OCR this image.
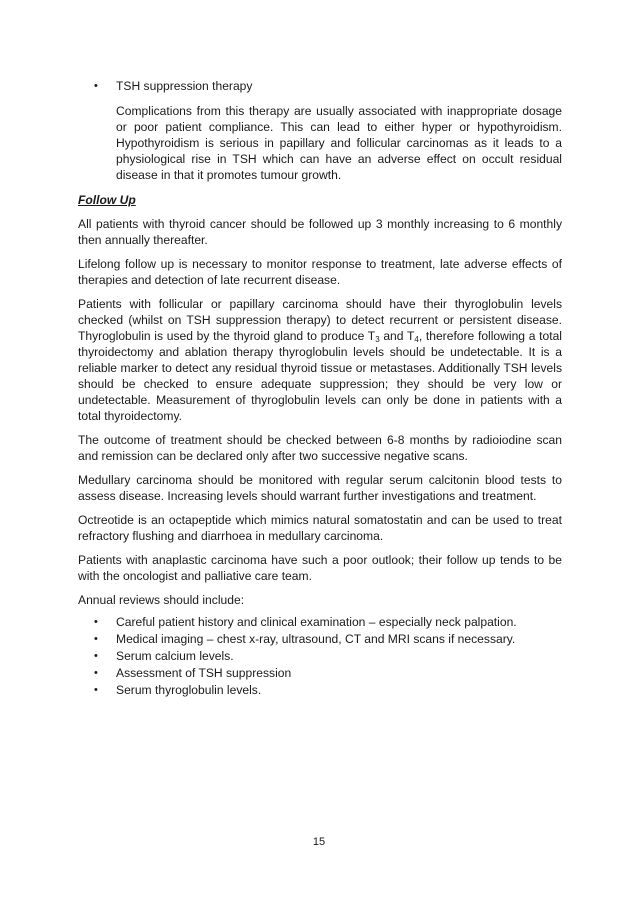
•	TSH suppression therapy

Complications from this therapy are usually associated with inappropriate dosage or poor patient compliance. This can lead to either hyper or hypothyroidism. Hypothyroidism is serious in papillary and follicular carcinomas as it leads to a physiological rise in TSH which can have an adverse effect on occult residual disease in that it promotes tumour growth.

Follow Up

All patients with thyroid cancer should be followed up 3 monthly increasing to 6 monthly then annually thereafter.

Lifelong follow up is necessary to monitor response to treatment, late adverse effects of therapies and detection of late recurrent disease.

Patients with follicular or papillary carcinoma should have their thyroglobulin levels checked (whilst on TSH suppression therapy) to detect recurrent or persistent disease. Thyroglobulin is used by the thyroid gland to produce $T_3$ and $T_4$, therefore following a total thyroidectomy and ablation therapy thyroglobulin levels should be undetectable. It is a reliable marker to detect any residual thyroid tissue or metastases. Additionally TSH levels should be checked to ensure adequate suppression; they should be very low or undetectable. Measurement of thyroglobulin levels can only be done in patients with a total thyroidectomy.

The outcome of treatment should be checked between 6-8 months by radioiodine scan and remission can be declared only after two successive negative scans.

Medullary carcinoma should be monitored with regular serum calcitonin blood tests to assess disease. Increasing levels should warrant further investigations and treatment.

Octreotide is an octapeptide which mimics natural somatostatin and can be used to treat refractory flushing and diarrhoea in medullary carcinoma.

Patients with anaplastic carcinoma have such a poor outlook; their follow up tends to be with the oncologist and palliative care team.

Annual reviews should include:

•	Careful patient history and clinical examination – especially neck palpation.
•	Medical imaging – chest x-ray, ultrasound, CT and MRI scans if necessary.
•	Serum calcium levels.
•	Assessment of TSH suppression
•	Serum thyroglobulin levels.
15
